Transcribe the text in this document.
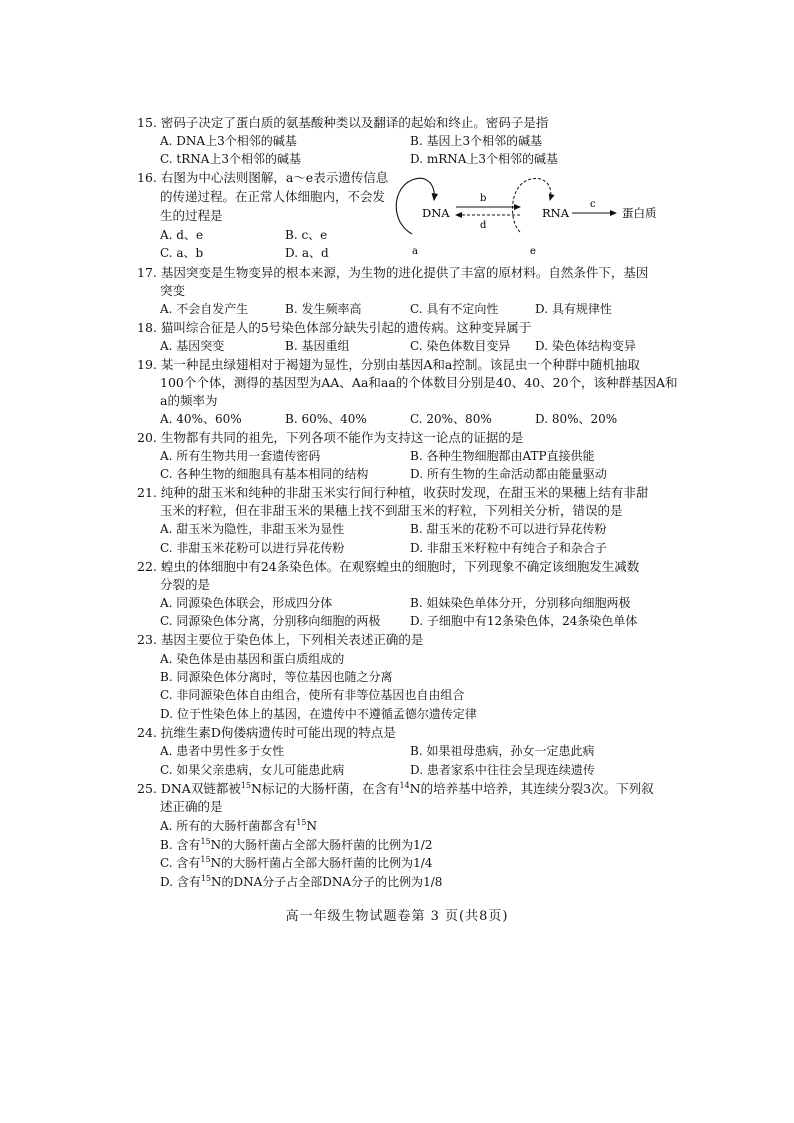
15. 密码子决定了蛋白质的氨基酸种类以及翻译的起始和终止。密码子是指
A. DNA上3个相邻的碱基	B. 基因上3个相邻的碱基
C. tRNA上3个相邻的碱基	D. mRNA上3个相邻的碱基
16. 右图为中心法则图解，a～e表示遗传信息
的传递过程。在正常人体细胞内，不会发
生的过程是
A. d、e	B. c、e
C. a、b	D. a、d	a
DNA
b
d
RNA
e
c
蛋白质
17. 基因突变是生物变异的根本来源，为生物的进化提供了丰富的原材料。自然条件下，基因
突变
A. 不会自发产生	B. 发生频率高	C. 具有不定向性	D. 具有规律性
18. 猫叫综合征是人的5号染色体部分缺失引起的遗传病。这种变异属于
A. 基因突变	B. 基因重组	C. 染色体数目变异 D. 染色体结构变异
19. 某一种昆虫绿翅相对于褐翅为显性，分别由基因A和a控制。该昆虫一个种群中随机抽取
100个个体，测得的基因型为AA、Aa和aa的个体数目分别是40、40、20个，该种群基因A和
a的频率为
A. 40%、60%	B. 60%、40%	C. 20%、80%	D. 80%、20%
20. 生物都有共同的祖先，下列各项不能作为支持这一论点的证据的是
A. 所有生物共用一套遗传密码	B. 各种生物细胞都由ATP直接供能
C. 各种生物的细胞具有基本相同的结构	D. 所有生物的生命活动都由能量驱动
21. 纯种的甜玉米和纯种的非甜玉米实行间行种植，收获时发现，在甜玉米的果穗上结有非甜
玉米的籽粒，但在非甜玉米的果穗上找不到甜玉米的籽粒，下列相关分析，错误的是
A. 甜玉米为隐性，非甜玉米为显性	B. 甜玉米的花粉不可以进行异花传粉
C. 非甜玉米花粉可以进行异花传粉	D. 非甜玉米籽粒中有纯合子和杂合子
22. 蝗虫的体细胞中有24条染色体。在观察蝗虫的细胞时，下列现象不确定该细胞发生减数
分裂的是
A. 同源染色体联会，形成四分体	B. 姐妹染色单体分开，分别移向细胞两极
C. 同源染色体分离，分别移向细胞的两极 D. 子细胞中有12条染色体，24条染色单体
23. 基因主要位于染色体上，下列相关表述正确的是
A. 染色体是由基因和蛋白质组成的
B. 同源染色体分离时，等位基因也随之分离
C. 非同源染色体自由组合，使所有非等位基因也自由组合
D. 位于性染色体上的基因，在遗传中不遵循孟德尔遗传定律
24. 抗维生素D佝偻病遗传时可能出现的特点是
A. 患者中男性多于女性	B. 如果祖母患病，孙女一定患此病
C. 如果父亲患病，女儿可能患此病	D. 患者家系中往往会呈现连续遗传
25. DNA双链都被$^{15}$N标记的大肠杆菌，在含有$^{14}$N的培养基中培养，其连续分裂3次。下列叙
述正确的是
A. 所有的大肠杆菌都含有$^{15}$N
B. 含有$^{15}$N的大肠杆菌占全部大肠杆菌的比例为1/2
C. 含有$^{15}$N的大肠杆菌占全部大肠杆菌的比例为1/4
D. 含有$^{15}$N的DNA分子占全部DNA分子的比例为1/8
高一年级生物试题卷第 3 页(共8页)
